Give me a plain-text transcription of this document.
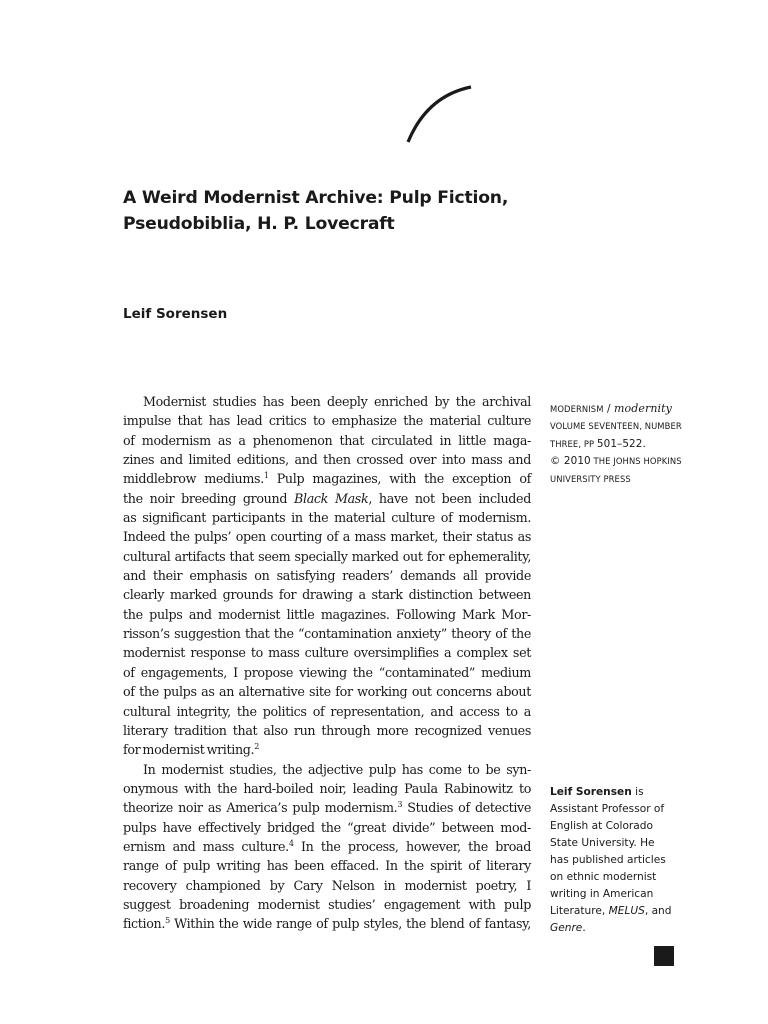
A Weird Modernist Archive: Pulp Fiction,
Pseudobiblia, H. P. Lovecraft

Leif Sorensen

Modernist studies has been deeply enriched by the archival
impulse that has lead critics to emphasize the material culture
of modernism as a phenomenon that circulated in little maga-
zines and limited editions, and then crossed over into mass and
middlebrow mediums.$^1$ Pulp magazines, with the exception of
the noir breeding ground Black Mask, have not been included
as significant participants in the material culture of modernism.
Indeed the pulps’ open courting of a mass market, their status as
cultural artifacts that seem specially marked out for ephemerality,
and their emphasis on satisfying readers’ demands all provide
clearly marked grounds for drawing a stark distinction between
the pulps and modernist little magazines. Following Mark Mor-
risson’s suggestion that the “contamination anxiety” theory of the
modernist response to mass culture oversimplifies a complex set
of engagements, I propose viewing the “contaminated” medium
of the pulps as an alternative site for working out concerns about
cultural integrity, the politics of representation, and access to a
literary tradition that also run through more recognized venues
for modernist writing.$^2$
In modernist studies, the adjective pulp has come to be syn-
onymous with the hard-boiled noir, leading Paula Rabinowitz to
theorize noir as America’s pulp modernism.$^3$ Studies of detective
pulps have effectively bridged the “great divide” between mod-
ernism and mass culture.$^4$ In the process, however, the broad
range of pulp writing has been effaced. In the spirit of literary
recovery championed by Cary Nelson in modernist poetry, I
suggest broadening modernist studies’ engagement with pulp
fiction.$^5$ Within the wide range of pulp styles, the blend of fantasy,
MODERNISM / modernity
VOLUME SEVENTEEN, NUMBER
THREE, PP 501–522.
© 2010 THE JOHNS HOPKINS
UNIVERSITY PRESS
Leif Sorensen is
Assistant Professor of
English at Colorado
State University. He
has published articles
on ethnic modernist
writing in American
Literature, MELUS, and
Genre.
